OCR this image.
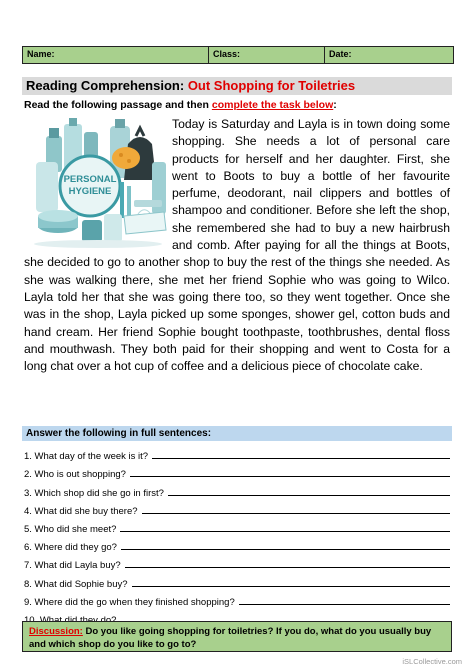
Name:	Class:	Date:
Reading Comprehension: Out Shopping for Toiletries
Read the following passage and then complete the task below:
Today is Saturday and Layla is in town doing some shopping. She needs a lot of personal care products for herself and her daughter. First, she went to Boots to buy a bottle of her favourite perfume, deodorant, nail clippers and bottles of shampoo and conditioner. Before she left the shop, she remembered she had to buy a new hairbrush and comb. After paying for all the things at Boots, she decided to go to another shop to buy the rest of the things she needed. As she was walking there, she met her friend Sophie who was going to Wilco. Layla told her that she was going there too, so they went together. Once she was in the shop, Layla picked up some sponges, shower gel, cotton buds and hand cream. Her friend Sophie bought toothpaste, toothbrushes, dental floss and mouthwash. They both paid for their shopping and went to Costa for a long chat over a hot cup of coffee and a delicious piece of chocolate cake.
PERSONAL
HYGIENE
Answer the following in full sentences:
1. What day of the week is it?
2. Who is out shopping?
3. Which shop did she go in first?
4. What did she buy there?
5. Who did she meet?
6. Where did they go?
7. What did Layla buy?
8. What did Sophie buy?
9. Where did the go when they finished shopping?
Discussion: Do you like going shopping for toiletries? If you do, what do you usually buy and which shop do you like to go to?
iSLCollective.com
